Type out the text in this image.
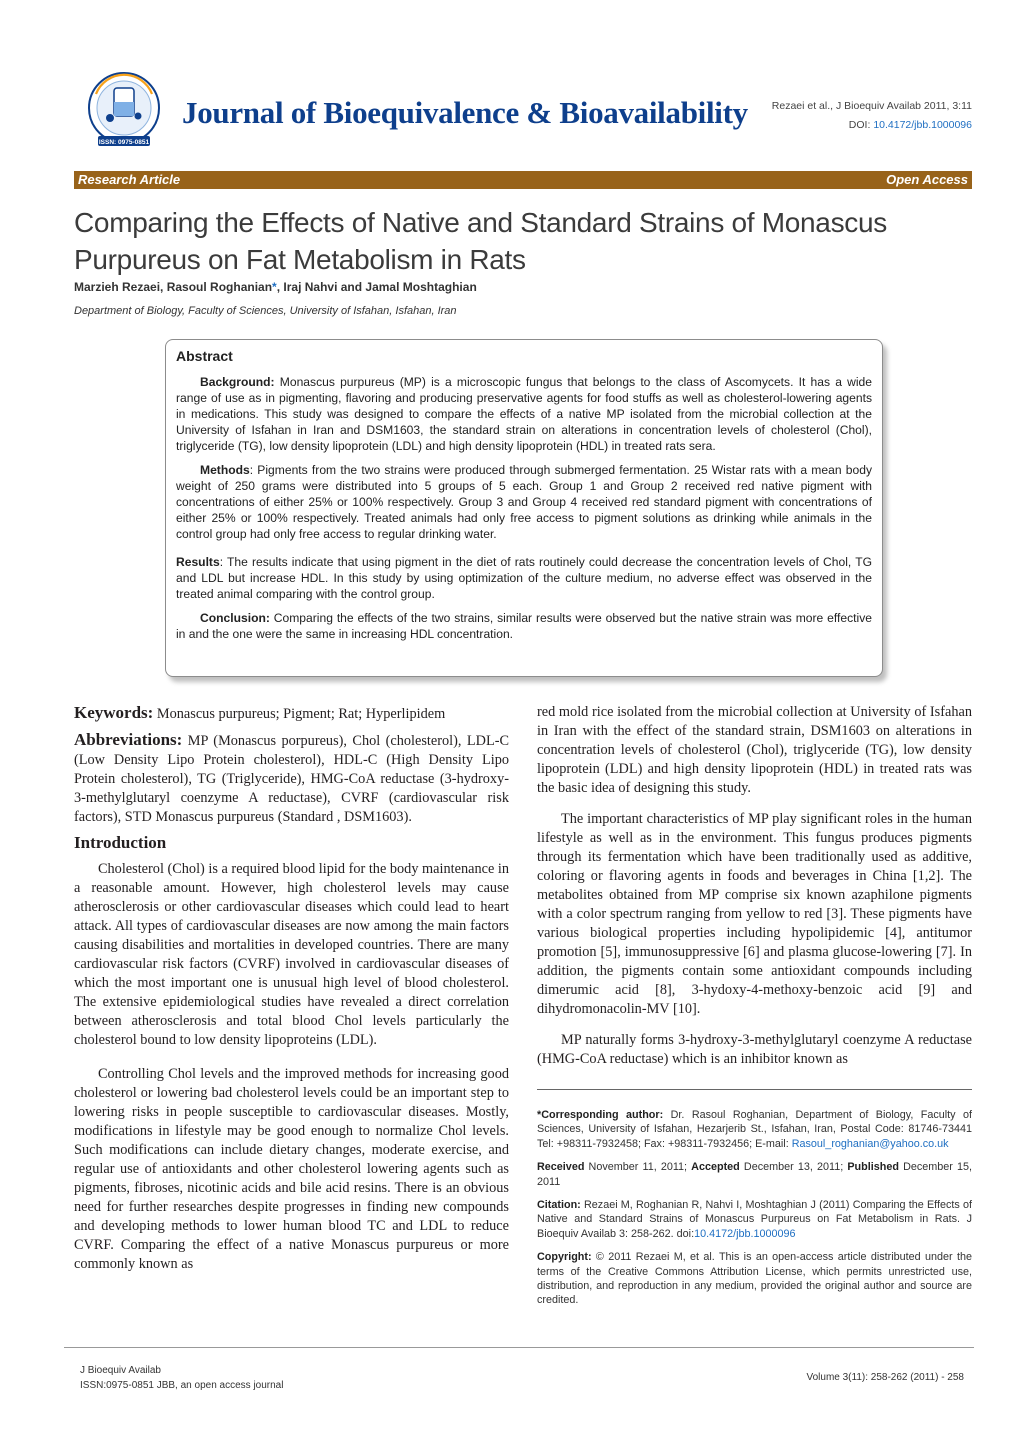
ISSN: 0975-0851
Journal of Bioequivalence & Bioavailability Rezaei et al., J Bioequiv Availab 2011, 3:11
DOI: 10.4172/jbb.1000096
Research Article	Open Access
Comparing the Effects of Native and Standard Strains of Monascus Purpureus on Fat Metabolism in Rats
Marzieh Rezaei, Rasoul Roghanian*, Iraj Nahvi and Jamal Moshtaghian
Department of Biology, Faculty of Sciences, University of Isfahan, Isfahan, Iran
Abstract

Background: Monascus purpureus (MP) is a microscopic fungus that belongs to the class of Ascomycets. It has a wide range of use as in pigmenting, flavoring and producing preservative agents for food stuffs as well as cholesterol-lowering agents in medications. This study was designed to compare the effects of a native MP isolated from the microbial collection at the University of Isfahan in Iran and DSM1603, the standard strain on alterations in concentration levels of cholesterol (Chol), triglyceride (TG), low density lipoprotein (LDL) and high density lipoprotein (HDL) in treated rats sera.

Methods: Pigments from the two strains were produced through submerged fermentation. 25 Wistar rats with a mean body weight of 250 grams were distributed into 5 groups of 5 each. Group 1 and Group 2 received red native pigment with concentrations of either 25% or 100% respectively. Group 3 and Group 4 received red standard pigment with concentrations of either 25% or 100% respectively. Treated animals had only free access to pigment solutions as drinking while animals in the control group had only free access to regular drinking water.

Results: The results indicate that using pigment in the diet of rats routinely could decrease the concentration levels of Chol, TG and LDL but increase HDL. In this study by using optimization of the culture medium, no adverse effect was observed in the treated animal comparing with the control group.

Conclusion: Comparing the effects of the two strains, similar results were observed but the native strain was more effective in and the one were the same in increasing HDL concentration.

Keywords: Monascus purpureus; Pigment; Rat; Hyperlipidem

Abbreviations: MP (Monascus porpureus), Chol (cholesterol), LDL-C (Low Density Lipo Protein cholesterol), HDL-C (High Density Lipo Protein cholesterol), TG (Triglyceride), HMG-CoA reductase (3-hydroxy-3-methylglutaryl coenzyme A reductase), CVRF (cardiovascular risk factors), STD Monascus purpureus (Standard , DSM1603).

Introduction

Cholesterol (Chol) is a required blood lipid for the body maintenance in a reasonable amount. However, high cholesterol levels may cause atherosclerosis or other cardiovascular diseases which could lead to heart attack. All types of cardiovascular diseases are now among the main factors causing disabilities and mortalities in developed countries. There are many cardiovascular risk factors (CVRF) involved in cardiovascular diseases of which the most important one is unusual high level of blood cholesterol. The extensive epidemiological studies have revealed a direct correlation between atherosclerosis and total blood Chol levels particularly the cholesterol bound to low density lipoproteins (LDL).

Controlling Chol levels and the improved methods for increasing good cholesterol or lowering bad cholesterol levels could be an important step to lowering risks in people susceptible to cardiovascular diseases. Mostly, modifications in lifestyle may be good enough to normalize Chol levels. Such modifications can include dietary changes, moderate exercise, and regular use of antioxidants and other cholesterol lowering agents such as pigments, fibroses, nicotinic acids and bile acid resins. There is an obvious need for further researches despite progresses in finding new compounds and developing methods to lower human blood TC and LDL to reduce CVRF. Comparing the effect of a native Monascus purpureus or more commonly known as

red mold rice isolated from the microbial collection at University of Isfahan in Iran with the effect of the standard strain, DSM1603 on alterations in concentration levels of cholesterol (Chol), triglyceride (TG), low density lipoprotein (LDL) and high density lipoprotein (HDL) in treated rats was the basic idea of designing this study.

The important characteristics of MP play significant roles in the human lifestyle as well as in the environment. This fungus produces pigments through its fermentation which have been traditionally used as additive, coloring or flavoring agents in foods and beverages in China [1,2]. The metabolites obtained from MP comprise six known azaphilone pigments with a color spectrum ranging from yellow to red [3]. These pigments have various biological properties including hypolipidemic [4], antitumor promotion [5], immunosuppressive [6] and plasma glucose-lowering [7]. In addition, the pigments contain some antioxidant compounds including dimerumic acid [8], 3-hydoxy-4-methoxy-benzoic acid [9] and dihydromonacolin-MV [10].

MP naturally forms 3-hydroxy-3-methylglutaryl coenzyme A reductase (HMG-CoA reductase) which is an inhibitor known as

*Corresponding author: Dr. Rasoul Roghanian, Department of Biology, Faculty of Sciences, University of Isfahan, Hezarjerib St., Isfahan, Iran, Postal Code: 81746-73441 Tel: +98311-7932458; Fax: +98311-7932456; E-mail: Rasoul_roghanian@yahoo.co.uk

Received November 11, 2011; Accepted December 13, 2011; Published December 15, 2011

Citation: Rezaei M, Roghanian R, Nahvi I, Moshtaghian J (2011) Comparing the Effects of Native and Standard Strains of Monascus Purpureus on Fat Metabolism in Rats. J Bioequiv Availab 3: 258-262. doi:10.4172/jbb.1000096

Copyright: © 2011 Rezaei M, et al. This is an open-access article distributed under the terms of the Creative Commons Attribution License, which permits unrestricted use, distribution, and reproduction in any medium, provided the original author and source are credited.

J Bioequiv Availab
ISSN:0975-0851 JBB, an open access journal
Volume 3(11): 258-262 (2011) - 258
